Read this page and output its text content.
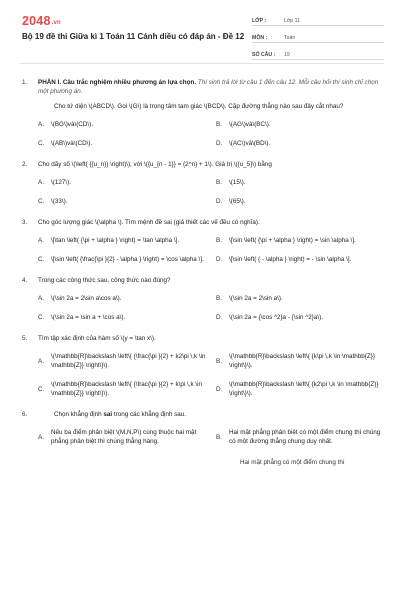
2048.vn
Bộ 19 đề thi Giữa kì 1 Toán 11 Cánh diều có đáp án - Đề 12
LỚP :	Lớp 11
MÔN :	Toán
SỐ CÂU :	19
1.	PHẦN I. Câu trắc nghiệm nhiều phương án lựa chọn. Thí sinh trả lời từ câu 1 đến câu 12. Mỗi câu hỏi thí sinh chỉ chọn một phương án.
Cho tứ diện \(ABCD\). Gọi \(G\) là trọng tâm tam giác \(BCD\). Cặp đường thẳng nào sau đây cắt nhau?
A.	\(BG\)và\(CD\).	B.	\(AG\)và\(BC\).
C.	\(AB\)và\(CD\).	D.	\(AC\)và\(BD\).
2.	Cho dãy số \(\left( {{u_n}} \right)\), với \({u_{n - 1}} = {2^n} + 1\). Giá trị \({u_5}\) bằng
A.	\(127\).	B.	\(15\).
C.	\(33\).	D.	\(65\).
3.	Cho góc lượng giác \(\alpha \). Tìm mệnh đề sai (giả thiết các vế đều có nghĩa).
A.	\[\tan \left( {\pi + \alpha } \right) = \tan \alpha \].	B.	\[\sin \left( {\pi + \alpha } \right) = \sin \alpha \].
C.	\[\sin \left( {\frac{\pi }{2} - \alpha } \right) = \cos \alpha \].	D.	\[\sin \left( { - \alpha } \right) = - \sin \alpha \].
4.	Trong các công thức sau, công thức nào đúng?
A.	\(\sin 2a = 2\sin a\cos a\).	B.	\(\sin 2a = 2\sin a\).
C.	\(\sin 2a = \sin a + \cos a\).	D.	\(\sin 2a = {\cos ^2}a - {\sin ^2}a\).
5.	Tìm tập xác định của hàm số \(y = \tan x\).
A.
\(\mathbb{R}\backslash \left\{ {\frac{\pi }{2} + k2\pi \,k \in \mathbb{Z}} \right\}\).
B.
\(\mathbb{R}\backslash \left\{ {k\pi \,k \in \mathbb{Z}} \right\}\).
C.
\(\mathbb{R}\backslash \left\{ {\frac{\pi }{2} + k\pi \,k \in \mathbb{Z}} \right\}\).
D.
\(\mathbb{R}\backslash \left\{ {k2\pi \,k \in \mathbb{Z}} \right\}\).
6.	Chọn khẳng định sai trong các khẳng định sau.
A.
Nếu ba điểm phân biệt \(M,N,P\) cùng thuộc hai mặt phẳng phân biệt thì chúng thẳng hàng.
B.
Hai mặt phẳng phân biệt có một điểm chung thì chúng có một đường thẳng chung duy nhất.
Hai mặt phẳng có một điểm chung thì
